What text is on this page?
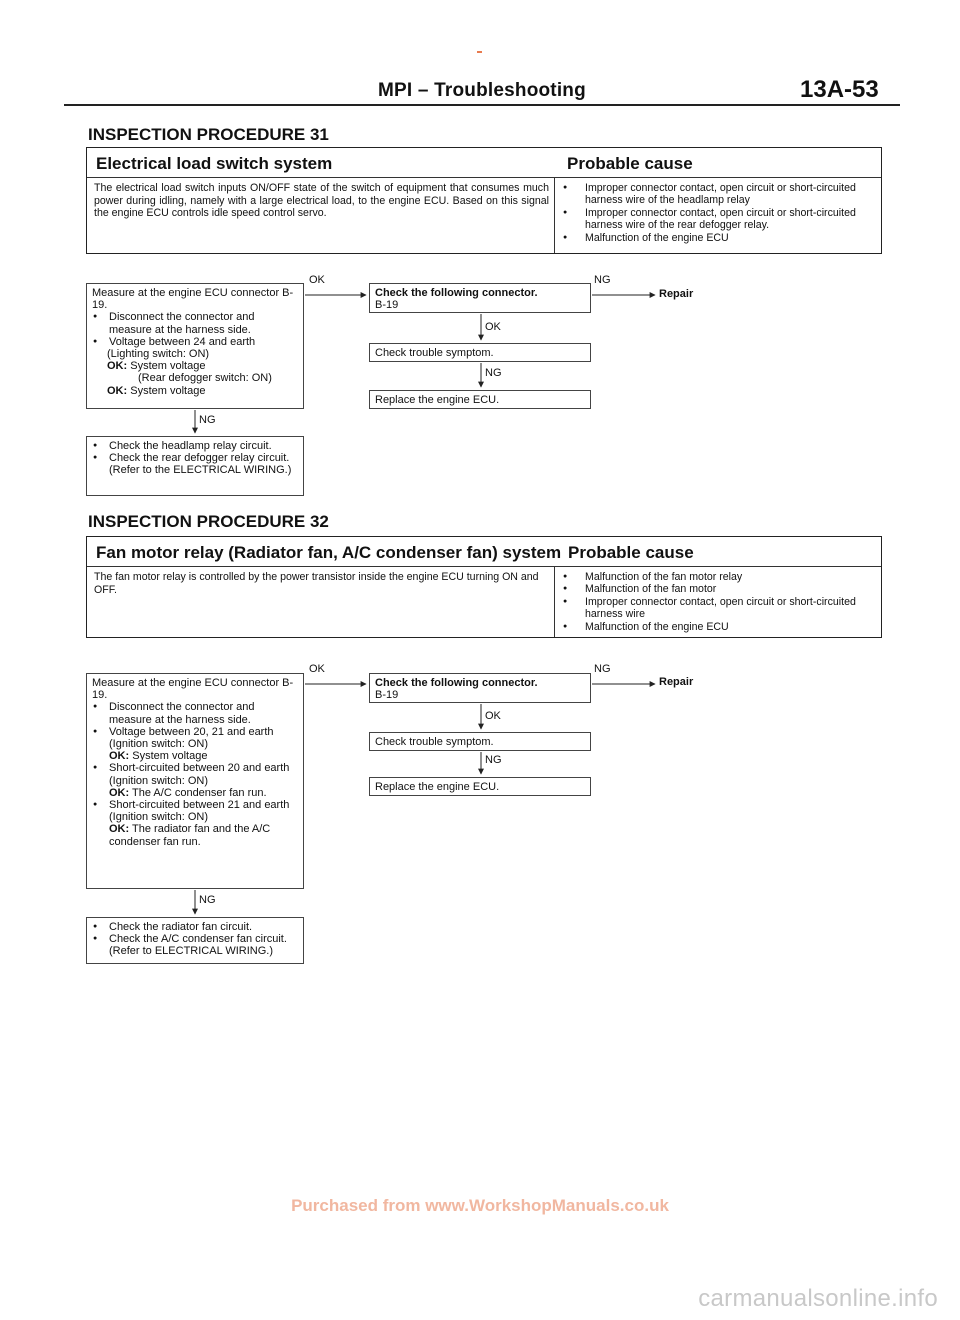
MPI – Troubleshooting	13A-53
INSPECTION PROCEDURE 31
Electrical load switch system	Probable cause
The electrical load switch inputs ON/OFF state of the switch of equipment that consumes much power during idling, namely with a large electrical load, to the engine ECU. Based on this signal the engine ECU controls idle speed control servo.
● Improper connector contact, open circuit or short-circuited harness wire of the headlamp relay
● Improper connector contact, open circuit or short-circuited harness wire of the rear defogger relay.
● Malfunction of the engine ECU
Measure at the engine ECU connector B-19.
● Disconnect the connector and measure at the harness side.
● Voltage between 24 and earth
(Lighting switch: ON)
OK: System voltage
(Rear defogger switch: ON)
OK: System voltage
Check the following connector.
B-19
Check trouble symptom.
Replace the engine ECU.
OK	NG
Repair
OK
NG
NG
● Check the headlamp relay circuit.
● Check the rear defogger relay circuit. (Refer to the ELECTRICAL WIRING.)
INSPECTION PROCEDURE 32
Fan motor relay (Radiator fan, A/C condenser fan) system Probable cause
The fan motor relay is controlled by the power transistor inside the engine ECU turning ON and OFF.
● Malfunction of the fan motor relay
● Malfunction of the fan motor
● Improper connector contact, open circuit or short-circuited harness wire
● Malfunction of the engine ECU
Measure at the engine ECU connector B-19.
● Disconnect the connector and measure at the harness side.
● Voltage between 20, 21 and earth
(Ignition switch: ON)
OK: System voltage
● Short-circuited between 20 and earth
(Ignition switch: ON)
OK: The A/C condenser fan run.
● Short-circuited between 21 and earth
(Ignition switch: ON)
OK: The radiator fan and the A/C condenser fan run.
Check the following connector.
B-19
Check trouble symptom.
Replace the engine ECU.
OK	NG
Repair
OK
NG
NG
● Check the radiator fan circuit.
● Check the A/C condenser fan circuit.
(Refer to ELECTRICAL WIRING.)
Purchased from www.WorkshopManuals.co.uk
carmanualsonline.info
